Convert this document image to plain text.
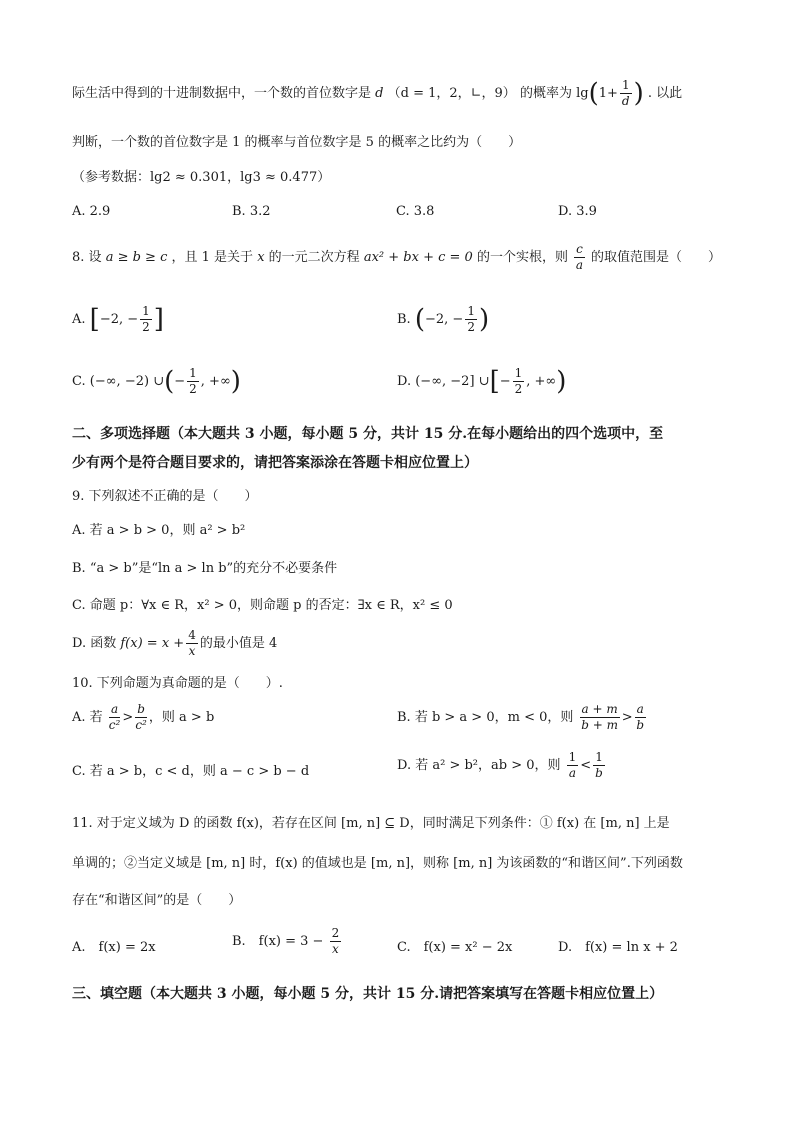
际生活中得到的十进制数据中，一个数的首位数字是 d （d = 1，2，∟，9） 的概率为 $\lg(1+ \frac{1}{d}$ ) . 以此
判断，一个数的首位数字是 1 的概率与首位数字是 5 的概率之比约为（　　）
（参考数据：lg2 ≈ 0.301，lg3 ≈ 0.477）
A. 2.9	B. 3.2	C. 3.8	D. 3.9
8. 设 a ≥ b ≥ c ，且 1 是关于 x 的一元二次方程 ax² + bx + c = 0 的一个实根，则 $\frac{c}{a}$ 的取值范围是（　　）
A. [−2, − $\frac{1}{2}$ ]	B. (−2, − $\frac{1}{2}$ )
C. (−∞, −2) ∪(− $\frac{1}{2}$ , +∞)	D. (−∞, −2] ∪[− $\frac{1}{2}$ , +∞)
二、多项选择题（本大题共 3 小题，每小题 5 分，共计 15 分.在每小题给出的四个选项中，至
少有两个是符合题目要求的，请把答案添涂在答题卡相应位置上）
9. 下列叙述不正确的是（　　）
A. 若 a > b > 0，则 a² > b²
B. “a > b”是“ln a > ln b”的充分不必要条件
C. 命题 p：∀x ∈ R，x² > 0，则命题 p 的否定：∃x ∈ R，x² ≤ 0
D. 函数 $f(x) = x + \frac{4}{x}$ 的最小值是 4
10. 下列命题为真命题的是（　　）.
A. 若 $\frac{a}{\text{c²}} > \frac{b}{\text{c²}}$ ，则 a > b	B. 若 b > a > 0，m < 0，则 $\frac{a + m}{b + m} > \frac{a}{b}$
C. 若 a > b，c < d，则 a − c > b − d	D. 若 a² > b²，ab > 0，则 $\frac{1}{a} < \frac{1}{b}$
11. 对于定义域为 D 的函数 f(x)，若存在区间 [m, n] ⊆ D，同时满足下列条件：① f(x) 在 [m, n] 上是
单调的；②当定义域是 [m, n] 时，f(x) 的值域也是 [m, n]，则称 [m, n] 为该函数的“和谐区间”.下列函数
存在“和谐区间”的是（　　）
A.　f(x) = 2x	B.　$f(x) = 3 - \frac{2}{x}$	C.　f(x) = x² − 2x	D.　f(x) = ln x + 2
三、填空题（本大题共 3 小题，每小题 5 分，共计 15 分.请把答案填写在答题卡相应位置上）
